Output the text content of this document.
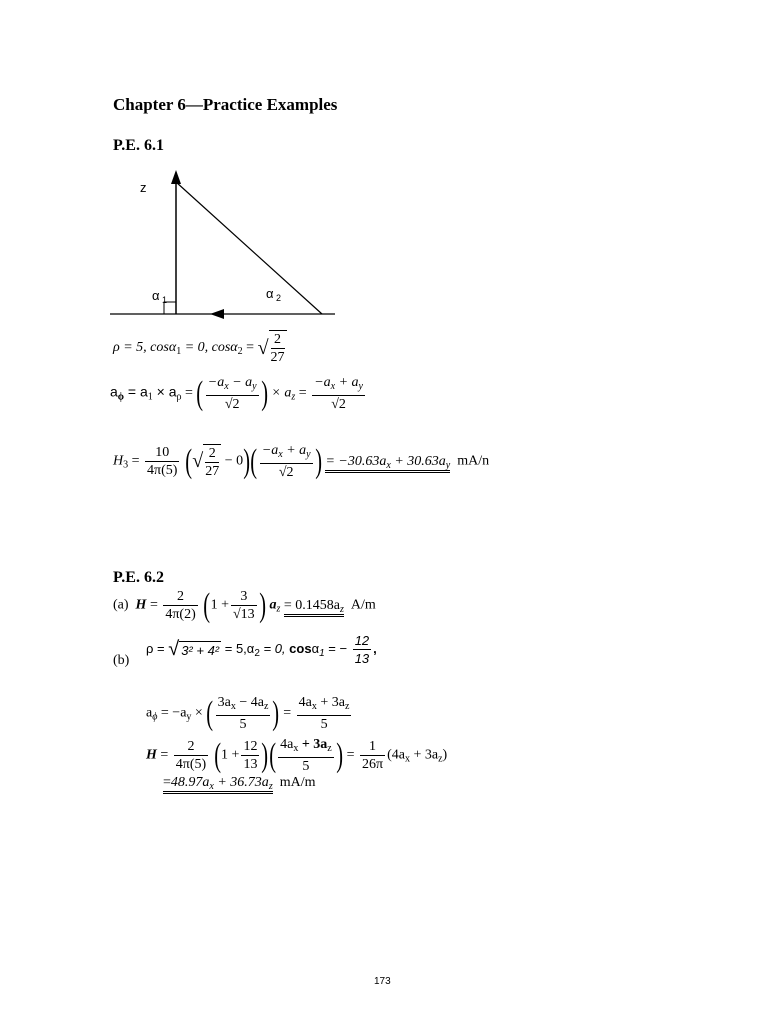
Chapter 6—Practice Examples
P.E. 6.1
z
α 1	α 2
ρ = 5, cosα$_1$ = 0, cosα$_2$ = √ $\frac{2}{27}$
$a_\phi = a_1 \times a_\rho$ = ( $\frac{-a_x - a_y}{√2}$ ) × $a_z = \frac{-a_x + a_y}{√2}$
$H_3 = \frac{10}{4\pi(5)}$ (√ $\frac{2}{27} - 0)( \frac{-a_x + a_y}{√2}$ ) = $-30.63a_x + 30.63a_y$ mA/n
P.E. 6.2
(a) $H = \frac{2}{4\pi(2)} (1 + \frac{3}{√13}$ ) $a_z = 0.1458a_z$ A/m
ρ = √ $3^2 + 4^2 = 5,\alpha_2 = 0$, cosα$_1$ = − $\frac{12}{13}$ ,
(b)
$a_\phi = -a_y$ × ( $\frac{3a_x - 4a_z}{5}$ ) = $\frac{4a_x + 3a_z}{5}$
$H = \frac{2}{4\pi(5)} (1 + \frac{12}{13}$ )( $\frac{4a_x + 3a_z}{5}$ ) = $\frac{1}{26\pi} (4a_x + 3a_z)$
$=48.97a_x + 36.73a_z$ mA/m
173
